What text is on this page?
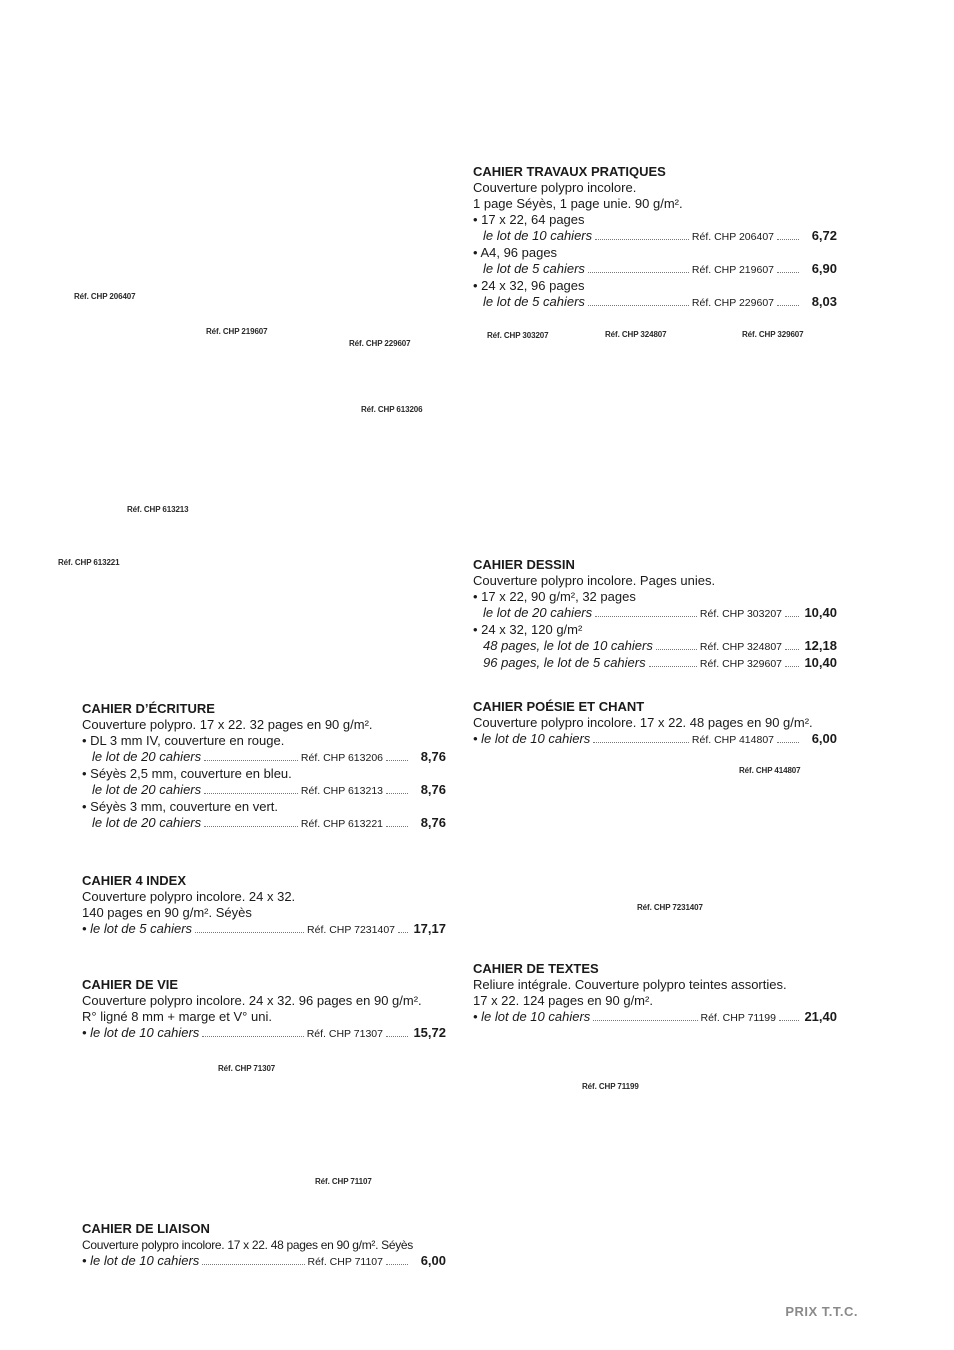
Réf. CHP 206407
Réf. CHP 219607
Réf. CHP 229607
Réf. CHP 613206
Réf. CHP 613213
Réf. CHP 613221
Réf. CHP 71307
Réf. CHP 71107
Réf. CHP 303207	Réf. CHP 324807	Réf. CHP 329607
Réf. CHP 414807
Réf. CHP 7231407
Réf. CHP 71199
CAHIER TRAVAUX PRATIQUES
Couverture polypro incolore.
1 page Séyès, 1 page unie. 90 g/m².
• 17 x 22, 64 pages
le lot de 10 cahiers	Réf. CHP 206407	6,72
• A4, 96 pages
le lot de 5 cahiers	Réf. CHP 219607	6,90
• 24 x 32, 96 pages
le lot de 5 cahiers	Réf. CHP 229607	8,03
CAHIER DESSIN
Couverture polypro incolore. Pages unies.
• 17 x 22, 90 g/m², 32 pages
le lot de 20 cahiers	Réf. CHP 303207 10,40
• 24 x 32, 120 g/m²
48 pages, le lot de 10 cahiers	Réf. CHP 324807 12,18
96 pages, le lot de 5 cahiers	Réf. CHP 329607 10,40
CAHIER POÉSIE ET CHANT
Couverture polypro incolore. 17 x 22. 48 pages en 90 g/m².
• le lot de 10 cahiers	Réf. CHP 414807	6,00
CAHIER DE TEXTES
Reliure intégrale. Couverture polypro teintes assorties.
17 x 22. 124 pages en 90 g/m².
• le lot de 10 cahiers	Réf. CHP 71199 21,40
CAHIER D’ÉCRITURE
Couverture polypro. 17 x 22. 32 pages en 90 g/m².
• DL 3 mm IV, couverture en rouge.
le lot de 20 cahiers	Réf. CHP 613206	8,76
• Séyès 2,5 mm, couverture en bleu.
le lot de 20 cahiers	Réf. CHP 613213	8,76
• Séyès 3 mm, couverture en vert.
le lot de 20 cahiers	Réf. CHP 613221	8,76
CAHIER 4 INDEX
Couverture polypro incolore. 24 x 32.
140 pages en 90 g/m². Séyès
• le lot de 5 cahiers	Réf. CHP 7231407 17,17
CAHIER DE VIE
Couverture polypro incolore. 24 x 32. 96 pages en 90 g/m².
R° ligné 8 mm + marge et V° uni.
• le lot de 10 cahiers	Réf. CHP 71307 15,72
CAHIER DE LIAISON
Couverture polypro incolore. 17 x 22. 48 pages en 90 g/m². Séyès
• le lot de 10 cahiers	Réf. CHP 71107	6,00
PRIX T.T.C.
